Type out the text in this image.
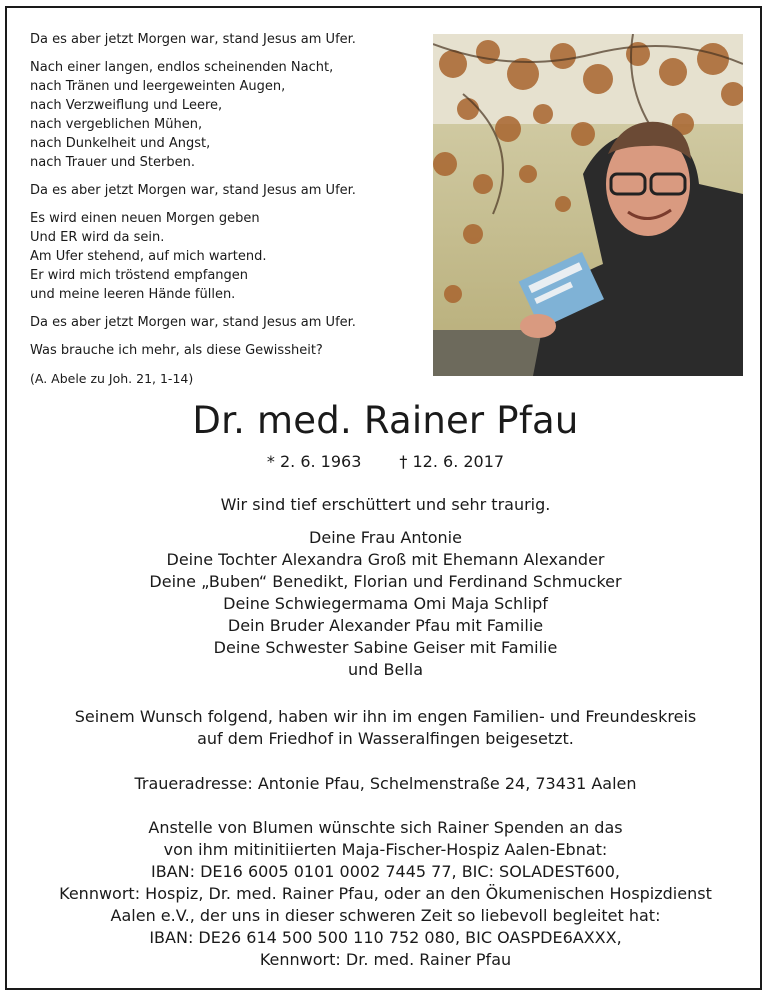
Da es aber jetzt Morgen war, stand Jesus am Ufer.
Nach einer langen, endlos scheinenden Nacht,
nach Tränen und leergeweinten Augen,
nach Verzweiflung und Leere,
nach vergeblichen Mühen,
nach Dunkelheit und Angst,
nach Trauer und Sterben.
Da es aber jetzt Morgen war, stand Jesus am Ufer.
Es wird einen neuen Morgen geben
Und ER wird da sein.
Am Ufer stehend, auf mich wartend.
Er wird mich tröstend empfangen
und meine leeren Hände füllen.
Da es aber jetzt Morgen war, stand Jesus am Ufer.
Was brauche ich mehr, als diese Gewissheit?
(A. Abele zu Joh. 21, 1-14)
Dr. med. Rainer Pfau
* 2. 6. 1963 † 12. 6. 2017
Wir sind tief erschüttert und sehr traurig.
Deine Frau Antonie
Deine Tochter Alexandra Groß mit Ehemann Alexander
Deine „Buben“ Benedikt, Florian und Ferdinand Schmucker
Deine Schwiegermama Omi Maja Schlipf
Dein Bruder Alexander Pfau mit Familie
Deine Schwester Sabine Geiser mit Familie
und Bella
Seinem Wunsch folgend, haben wir ihn im engen Familien- und Freundeskreis
auf dem Friedhof in Wasseralfingen beigesetzt.
Traueradresse: Antonie Pfau, Schelmenstraße 24, 73431 Aalen
Anstelle von Blumen wünschte sich Rainer Spenden an das
von ihm mitinitiierten Maja-Fischer-Hospiz Aalen-Ebnat:
IBAN: DE16 6005 0101 0002 7445 77, BIC: SOLADEST600,
Kennwort: Hospiz, Dr. med. Rainer Pfau, oder an den Ökumenischen Hospizdienst
Aalen e.V., der uns in dieser schweren Zeit so liebevoll begleitet hat:
IBAN: DE26 614 500 500 110 752 080, BIC OASPDE6AXXX,
Kennwort: Dr. med. Rainer Pfau
